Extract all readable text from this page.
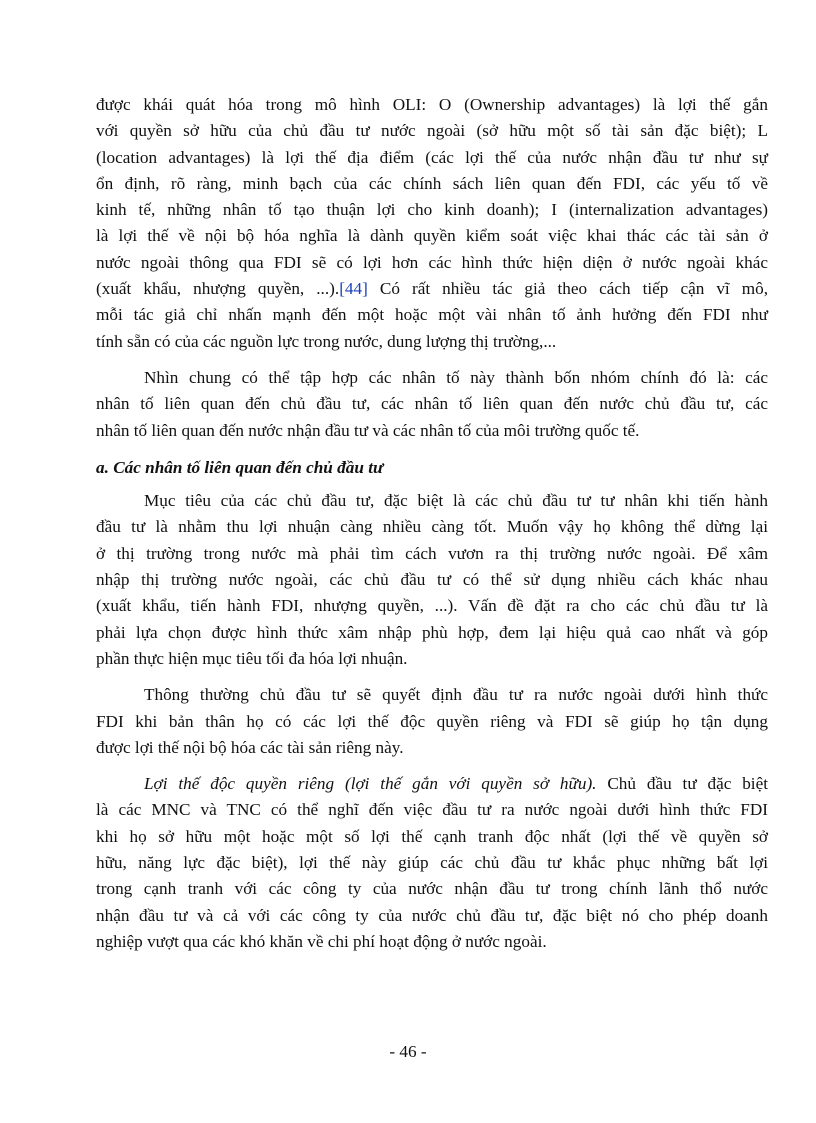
được khái quát hóa trong mô hình OLI: O (Ownership advantages) là lợi thế gắn
với quyền sở hữu của chủ đầu tư nước ngoài (sở hữu một số tài sản đặc biệt); L
(location advantages) là lợi thế địa điểm (các lợi thế của nước nhận đầu tư như sự
ổn định, rõ ràng, minh bạch của các chính sách liên quan đến FDI, các yếu tố về
kinh tế, những nhân tố tạo thuận lợi cho kinh doanh); I (internalization advantages)
là lợi thế về nội bộ hóa nghĩa là dành quyền kiểm soát việc khai thác các tài sản ở
nước ngoài thông qua FDI sẽ có lợi hơn các hình thức hiện diện ở nước ngoài khác
(xuất khẩu, nhượng quyền, ...).[44] Có rất nhiều tác giả theo cách tiếp cận vĩ mô,
mỗi tác giả chỉ nhấn mạnh đến một hoặc một vài nhân tố ảnh hưởng đến FDI như
tính sẵn có của các nguồn lực trong nước, dung lượng thị trường,...
Nhìn chung có thể tập hợp các nhân tố này thành bốn nhóm chính đó là: các
nhân tố liên quan đến chủ đầu tư, các nhân tố liên quan đến nước chủ đầu tư, các
nhân tố liên quan đến nước nhận đầu tư và các nhân tố của môi trường quốc tế.
a. Các nhân tố liên quan đến chủ đầu tư
Mục tiêu của các chủ đầu tư, đặc biệt là các chủ đầu tư tư nhân khi tiến hành
đầu tư là nhằm thu lợi nhuận càng nhiều càng tốt. Muốn vậy họ không thể dừng lại
ở thị trường trong nước mà phải tìm cách vươn ra thị trường nước ngoài. Để xâm
nhập thị trường nước ngoài, các chủ đầu tư có thể sử dụng nhiều cách khác nhau
(xuất khẩu, tiến hành FDI, nhượng quyền, ...). Vấn đề đặt ra cho các chủ đầu tư là
phải lựa chọn được hình thức xâm nhập phù hợp, đem lại hiệu quả cao nhất và góp
phần thực hiện mục tiêu tối đa hóa lợi nhuận.
Thông thường chủ đầu tư sẽ quyết định đầu tư ra nước ngoài dưới hình thức
FDI khi bản thân họ có các lợi thế độc quyền riêng và FDI sẽ giúp họ tận dụng
được lợi thế nội bộ hóa các tài sản riêng này.
Lợi thế độc quyền riêng (lợi thế gắn với quyền sở hữu). Chủ đầu tư đặc biệt
là các MNC và TNC có thể nghĩ đến việc đầu tư ra nước ngoài dưới hình thức FDI
khi họ sở hữu một hoặc một số lợi thế cạnh tranh độc nhất (lợi thế về quyền sở
hữu, năng lực đặc biệt), lợi thế này giúp các chủ đầu tư khắc phục những bất lợi
trong cạnh tranh với các công ty của nước nhận đầu tư trong chính lãnh thổ nước
nhận đầu tư và cả với các công ty của nước chủ đầu tư, đặc biệt nó cho phép doanh
nghiệp vượt qua các khó khăn về chi phí hoạt động ở nước ngoài.
- 46 -
